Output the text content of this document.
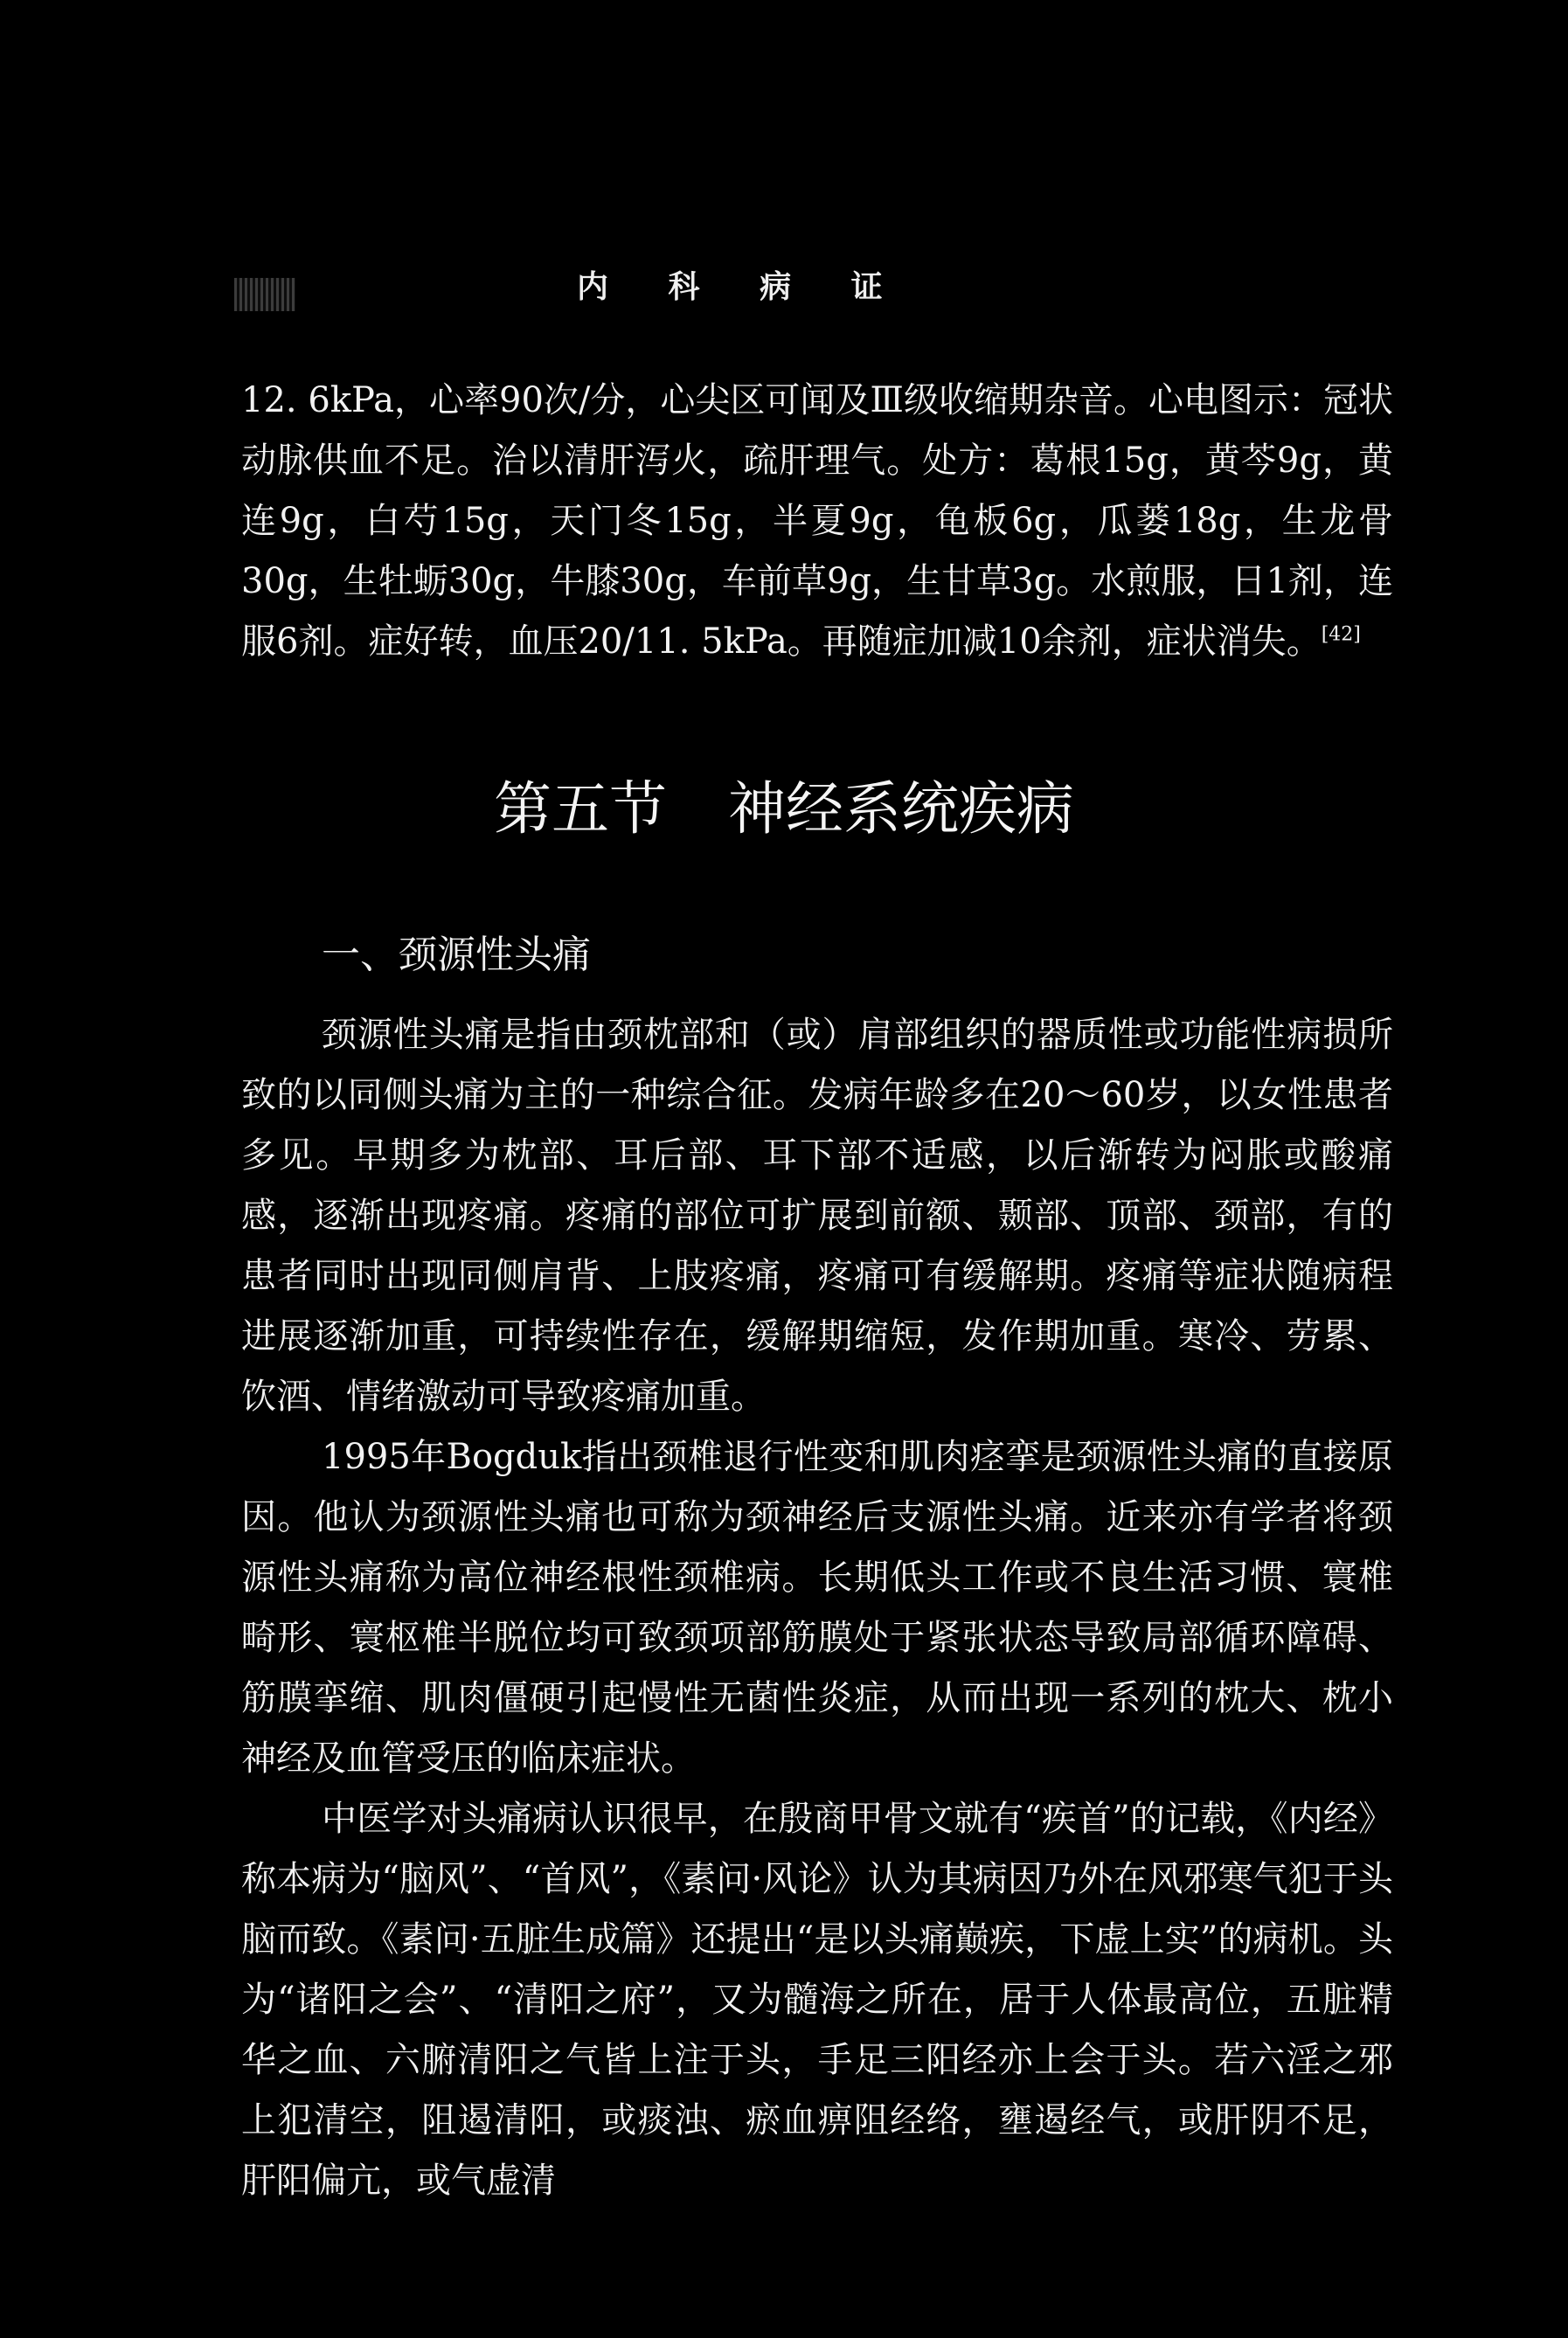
内 科 病 证

12. 6kPa，心率90次/分，心尖区可闻及Ⅲ级收缩期杂音。心电图示：冠状动脉供血不足。治以清肝泻火，疏肝理气。处方：葛根15g，黄芩9g，黄连9g，白芍15g，天门冬15g，半夏9g，龟板6g，瓜蒌18g，生龙骨30g，生牡蛎30g，牛膝30g，车前草9g，生甘草3g。水煎服，日1剂，连服6剂。症好转，血压20/11. 5kPa。再随症加减10余剂，症状消失。[42]

第五节 神经系统疾病
一、颈源性头痛

颈源性头痛是指由颈枕部和（或）肩部组织的器质性或功能性病损所致的以同侧头痛为主的一种综合征。发病年龄多在20～60岁，以女性患者多见。早期多为枕部、耳后部、耳下部不适感，以后渐转为闷胀或酸痛感，逐渐出现疼痛。疼痛的部位可扩展到前额、颞部、顶部、颈部，有的患者同时出现同侧肩背、上肢疼痛，疼痛可有缓解期。疼痛等症状随病程进展逐渐加重，可持续性存在，缓解期缩短，发作期加重。寒冷、劳累、饮酒、情绪激动可导致疼痛加重。

1995年Bogduk指出颈椎退行性变和肌肉痉挛是颈源性头痛的直接原因。他认为颈源性头痛也可称为颈神经后支源性头痛。近来亦有学者将颈源性头痛称为高位神经根性颈椎病。长期低头工作或不良生活习惯、寰椎畸形、寰枢椎半脱位均可致颈项部筋膜处于紧张状态导致局部循环障碍、筋膜挛缩、肌肉僵硬引起慢性无菌性炎症，从而出现一系列的枕大、枕小神经及血管受压的临床症状。

中医学对头痛病认识很早，在殷商甲骨文就有“疾首”的记载，《内经》称本病为“脑风”、“首风”，《素问·风论》认为其病因乃外在风邪寒气犯于头脑而致。《素问·五脏生成篇》还提出“是以头痛巅疾，下虚上实”的病机。头为“诸阳之会”、“清阳之府”，又为髓海之所在，居于人体最高位，五脏精华之血、六腑清阳之气皆上注于头，手足三阳经亦上会于头。若六淫之邪上犯清空，阻遏清阳，或痰浊、瘀血痹阻经络，壅遏经气，或肝阴不足，肝阳偏亢，或气虚清
